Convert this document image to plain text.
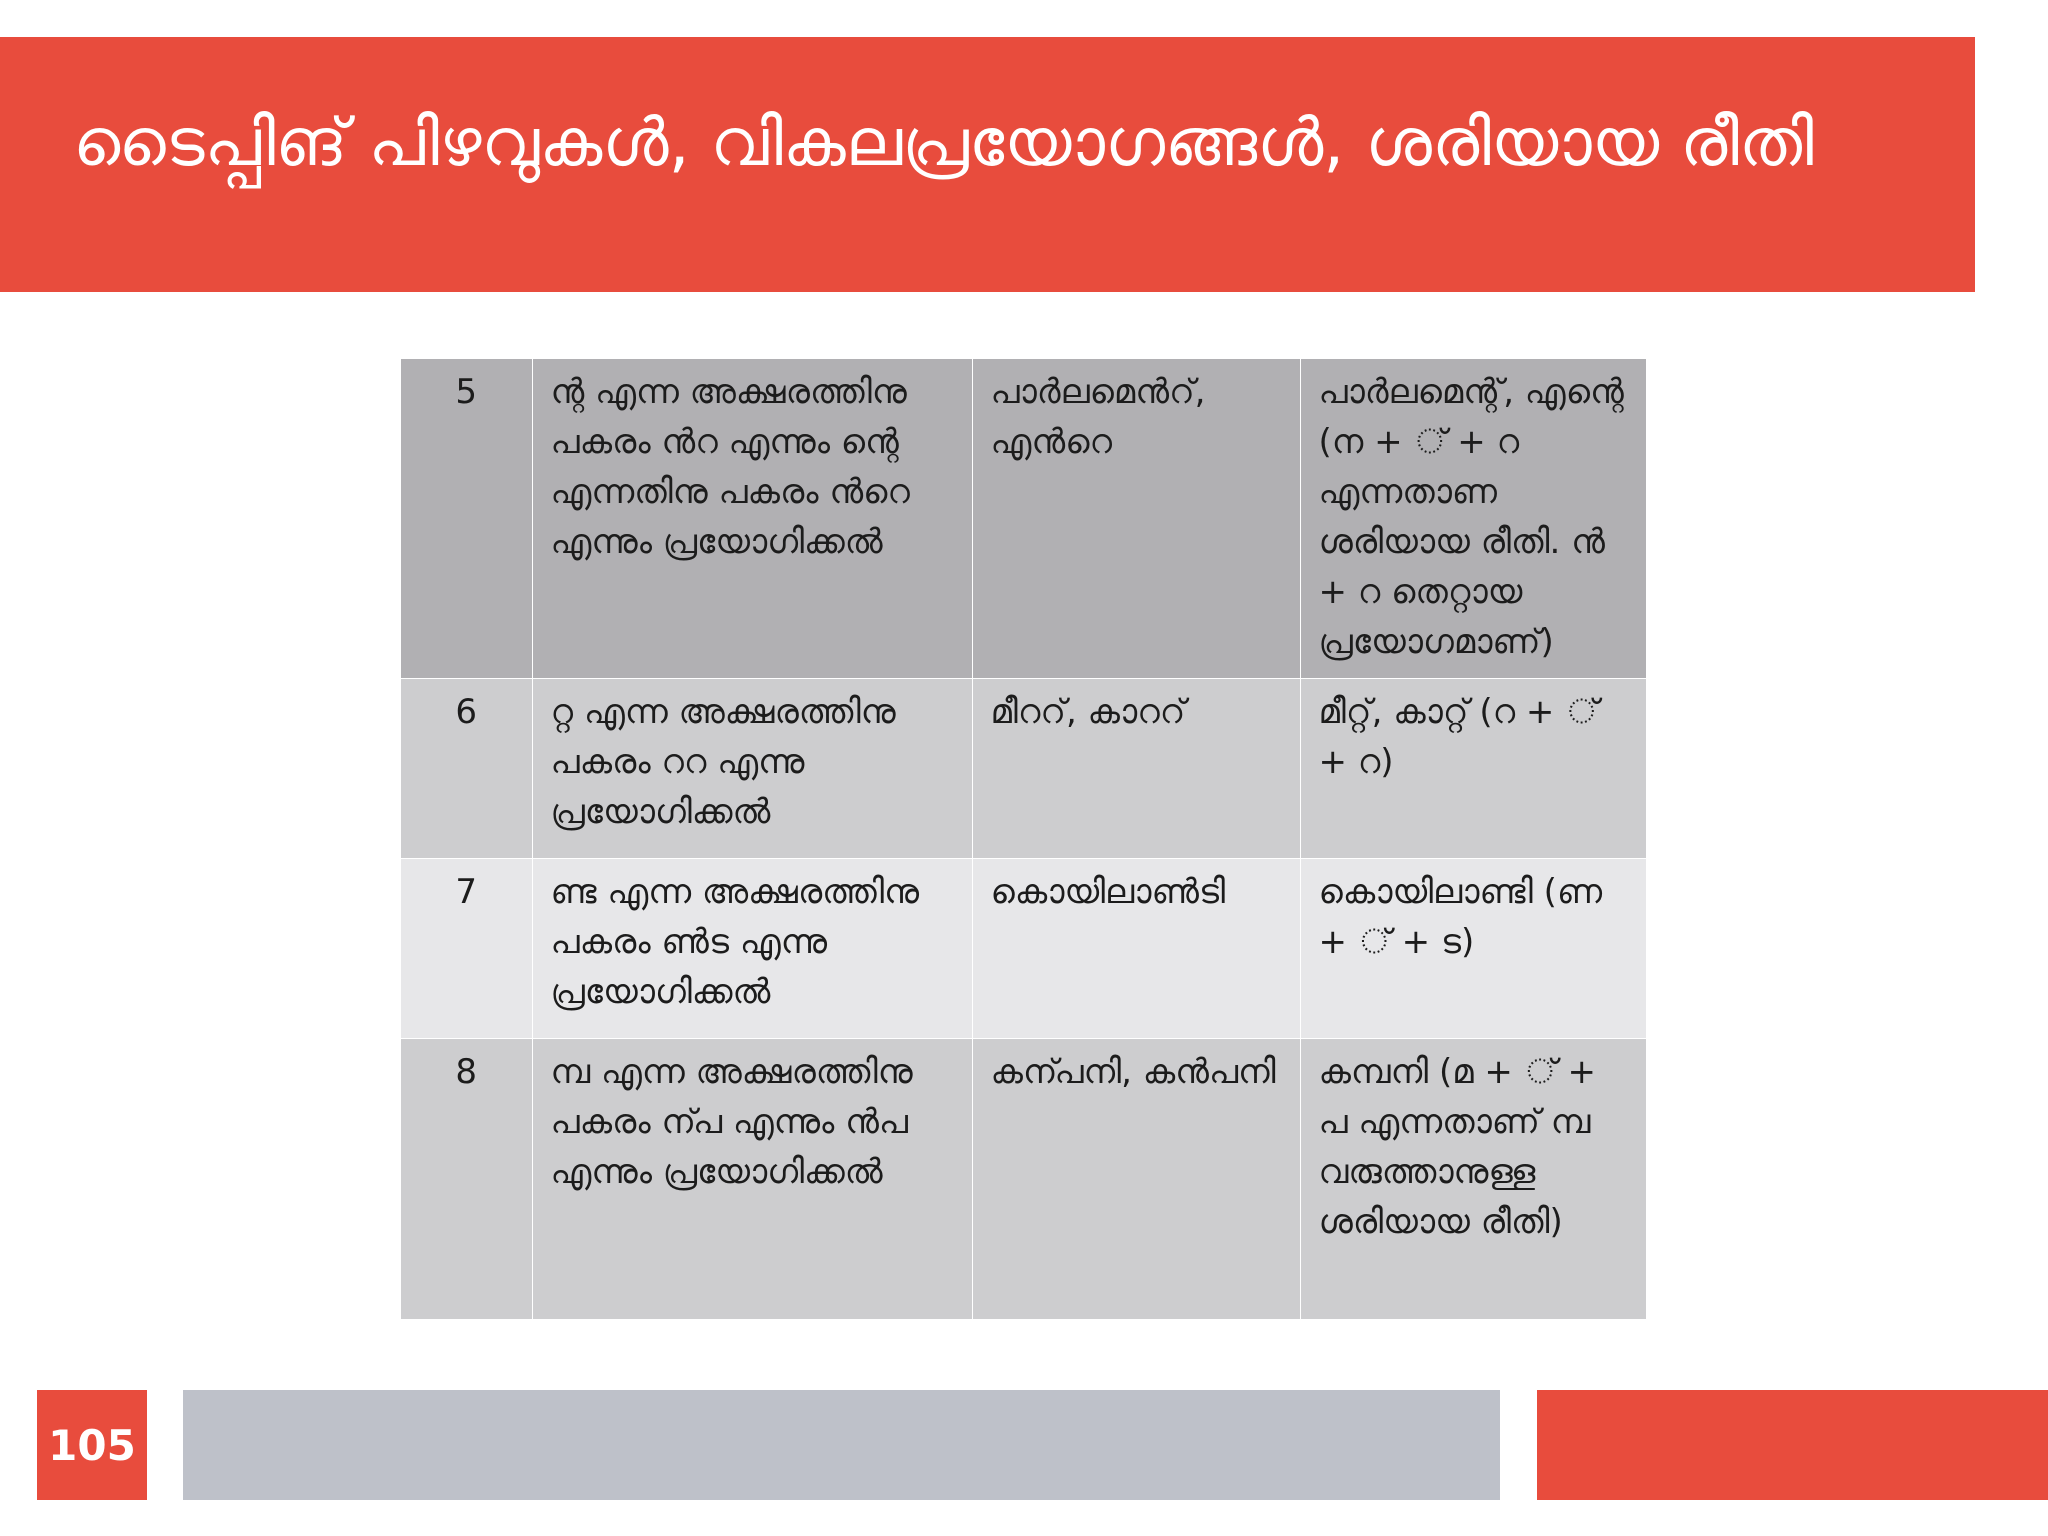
ടൈപ്പിങ് പിഴവുകൾ, വികലപ്രയോഗങ്ങൾ, ശരിയായ രീതി
5	ന്റ എന്ന അക്ഷരത്തിനു പകരം ൻറ എന്നും ന്റെ എന്നതിനു പകരം ൻറെ എന്നും പ്രയോഗിക്കൽ	പാർലമെൻറ്, എൻറെ	പാർലമെന്റ്, എന്റെ (ന + ് + റ എന്നതാണ ശരിയായ രീതി. ൻ + റ തെറ്റായ പ്രയോഗമാണ്)
6	റ്റ എന്ന അക്ഷരത്തിനു പകരം ററ എന്നു പ്രയോഗിക്കൽ	മീററ്, കാററ്	മീറ്റ്, കാറ്റ് (റ + ് + റ)
7	ണ്ട എന്ന അക്ഷരത്തിനു പകരം ൺട എന്നു പ്രയോഗിക്കൽ	കൊയിലാൺടി	കൊയിലാണ്ടി (ണ + ് + ട)
8	മ്പ എന്ന അക്ഷരത്തിനു പകരം ന്പ എന്നും ൻപ എന്നും പ്രയോഗിക്കൽ	കന്പനി, കൻപനി	കമ്പനി (മ + ് + പ എന്നതാണ് മ്പ വരുത്താനുള്ള ശരിയായ രീതി)
105
